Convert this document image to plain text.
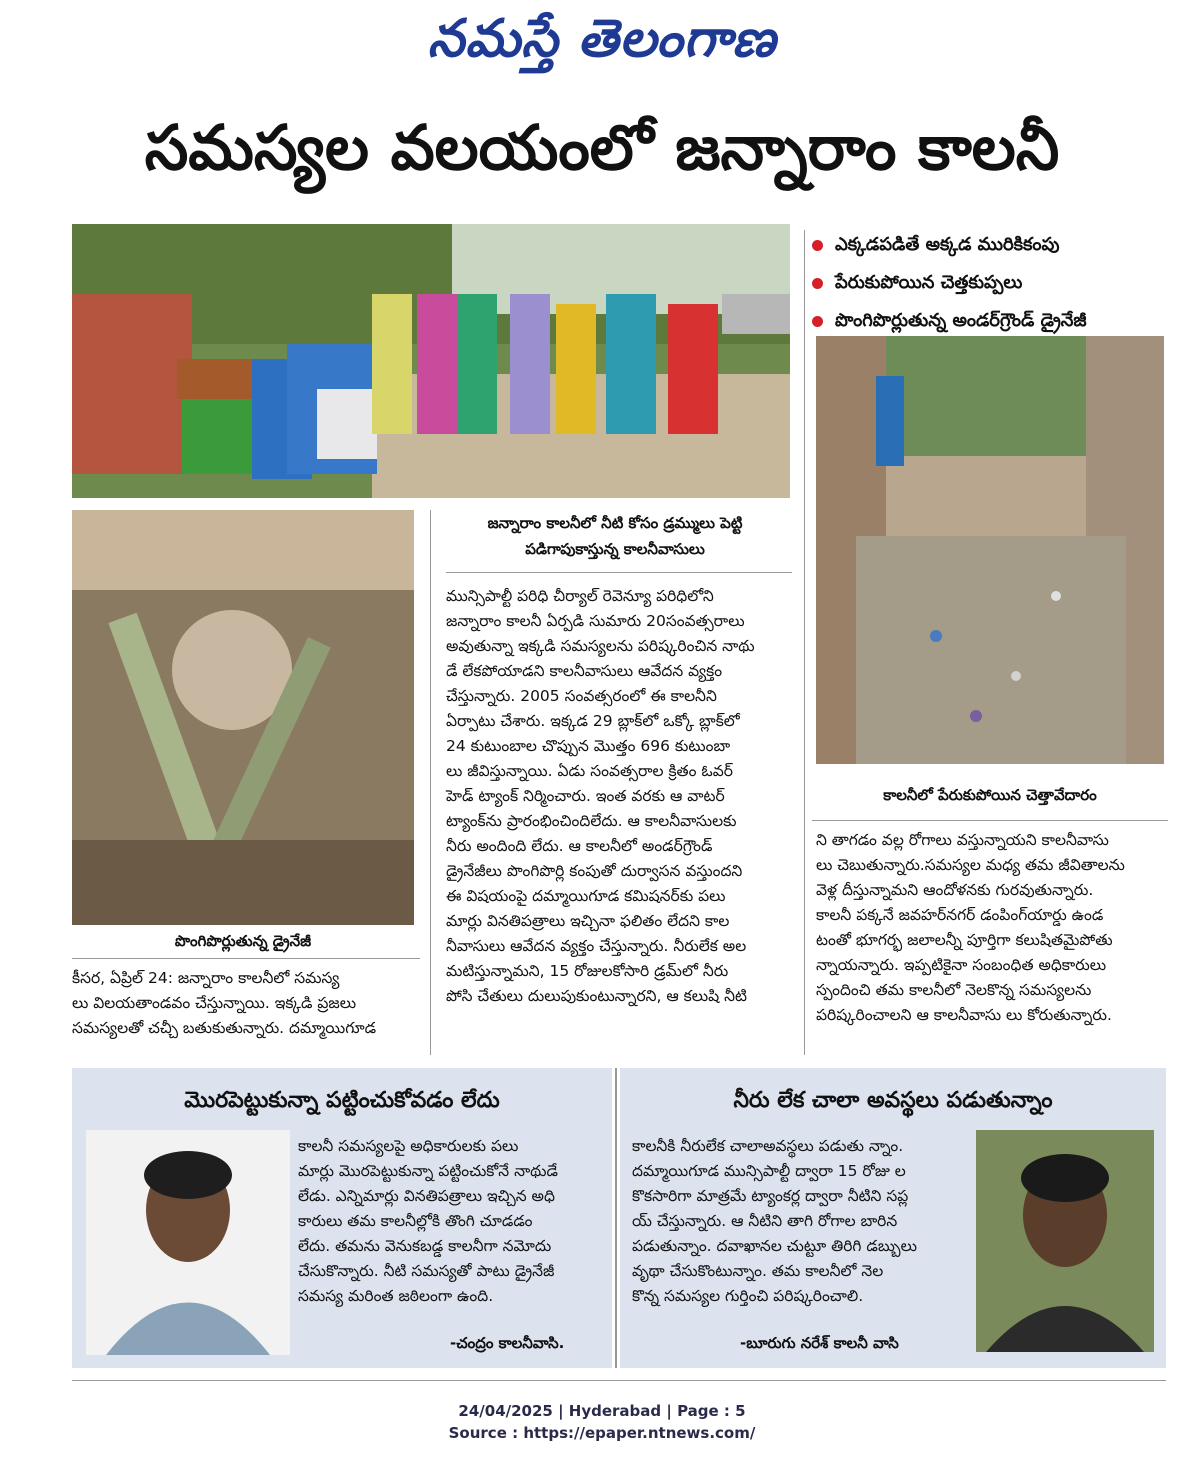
నమస్తే తెలంగాణ
సమస్యల వలయంలో జన్నారాం కాలనీ
ఎక్కడపడితే అక్కడ మురికికంపు
పేరుకుపోయిన చెత్తకుప్పలు
పొంగిపొర్లుతున్న అండర్‌గ్రౌండ్ డ్రైనేజీ
జన్నారాం కాలనీలో నీటి కోసం డ్రమ్ములు పెట్టి
పడిగాపుకాస్తున్న కాలనీవాసులు
కాలనీలో పేరుకుపోయిన చెత్తావేదారం
పొంగిపొర్లుతున్న డ్రైనేజీ
కీసర, ఏప్రిల్ 24: జన్నారాం కాలనీలో సమస్య
లు విలయతాండవం చేస్తున్నాయి. ఇక్కడి ప్రజలు
సమస్యలతో చచ్చీ బతుకుతున్నారు. దమ్మాయిగూడ
మున్సిపాల్టీ పరిధి చీర్యాల్ రెవెన్యూ పరిధిలోని
జన్నారాం కాలనీ ఏర్పడి సుమారు 20సంవత్సరాలు
అవుతున్నా ఇక్కడి సమస్యలను పరిష్కరించిన నాథు
డే లేకపోయాడని కాలనీవాసులు ఆవేదన వ్యక్తం
చేస్తున్నారు. 2005 సంవత్సరంలో ఈ కాలనీని
ఏర్పాటు చేశారు. ఇక్కడ 29 బ్లాక్‌లో ఒక్కో బ్లాక్‌లో
24 కుటుంబాల చొప్పున మొత్తం 696 కుటుంబా
లు జీవిస్తున్నాయి. ఏడు సంవత్సరాల క్రితం ఓవర్
హెడ్ ట్యాంక్ నిర్మించారు. ఇంత వరకు ఆ వాటర్
ట్యాంక్‌ను ప్రారంభించిందిలేదు. ఆ కాలనీవాసులకు
నీరు అందింది లేదు. ఆ కాలనీలో అండర్‌గ్రౌండ్
డ్రైనేజీలు పొంగిపొర్లి కంపుతో దుర్వాసన వస్తుందని
ఈ విషయంపై దమ్మాయిగూడ కమిషనర్‌కు పలు
మార్లు వినతిపత్రాలు ఇచ్చినా ఫలితం లేదని కాల
నీవాసులు ఆవేదన వ్యక్తం చేస్తున్నారు. నీరులేక అల
మటిస్తున్నామని, 15 రోజులకోసారి డ్రమ్‌లో నీరు
పోసి చేతులు దులుపుకుంటున్నారని, ఆ కలుషి నీటి
ని తాగడం వల్ల రోగాలు వస్తున్నాయని కాలనీవాసు
లు చెబుతున్నారు.సమస్యల మధ్య తమ జీవితాలను
వెళ్ల దీస్తున్నామని ఆందోళనకు గురవుతున్నారు.
కాలనీ పక్కనే జవహర్‌నగర్ డంపింగ్‌యార్డు ఉండ
టంతో భూగర్భ జలాలన్నీ పూర్తిగా కలుషితమైపోతు
న్నాయన్నారు. ఇప్పటికైనా సంబంధిత అధికారులు
స్పందించి తమ కాలనీలో నెలకొన్న సమస్యలను
పరిష్కరించాలని ఆ కాలనీవాసు లు కోరుతున్నారు.
మొరపెట్టుకున్నా పట్టించుకోవడం లేదు	నీరు లేక చాలా అవస్థలు పడుతున్నాం
కాలనీ సమస్యలపై అధికారులకు పలు
మార్లు మొరపెట్టుకున్నా పట్టించుకోనే నాథుడే
లేడు. ఎన్నిమార్లు వినతిపత్రాలు ఇచ్చిన అధి
కారులు తమ కాలనీల్లోకి తొంగి చూడడం
లేదు. తమను వెనుకబడ్డ కాలనీగా నమోదు
చేసుకొన్నారు. నీటి సమస్యతో పాటు డ్రైనేజీ
సమస్య మరింత జఠిలంగా ఉంది.
-చంద్రం కాలనీవాసి.
కాలనీకి నీరులేక చాలాఅవస్థలు పడుతు న్నాం.
దమ్మాయిగూడ మున్సిపాల్టీ ద్వారా 15 రోజు ల
కొకసారిగా మాత్రమే ట్యాంకర్ల ద్వారా నీటిని సప్ల
య్ చేస్తున్నారు. ఆ నీటిని తాగి రోగాల బారిన
పడుతున్నాం. దవాఖానల చుట్టూ తిరిగి డబ్బులు
వృథా చేసుకొంటున్నాం. తమ కాలనీలో నెల
కొన్న సమస్యల గుర్తించి పరిష్కరించాలి.
-బూరుగు నరేశ్ కాలనీ వాసి
24/04/2025 | Hyderabad | Page : 5
Source : https://epaper.ntnews.com/
